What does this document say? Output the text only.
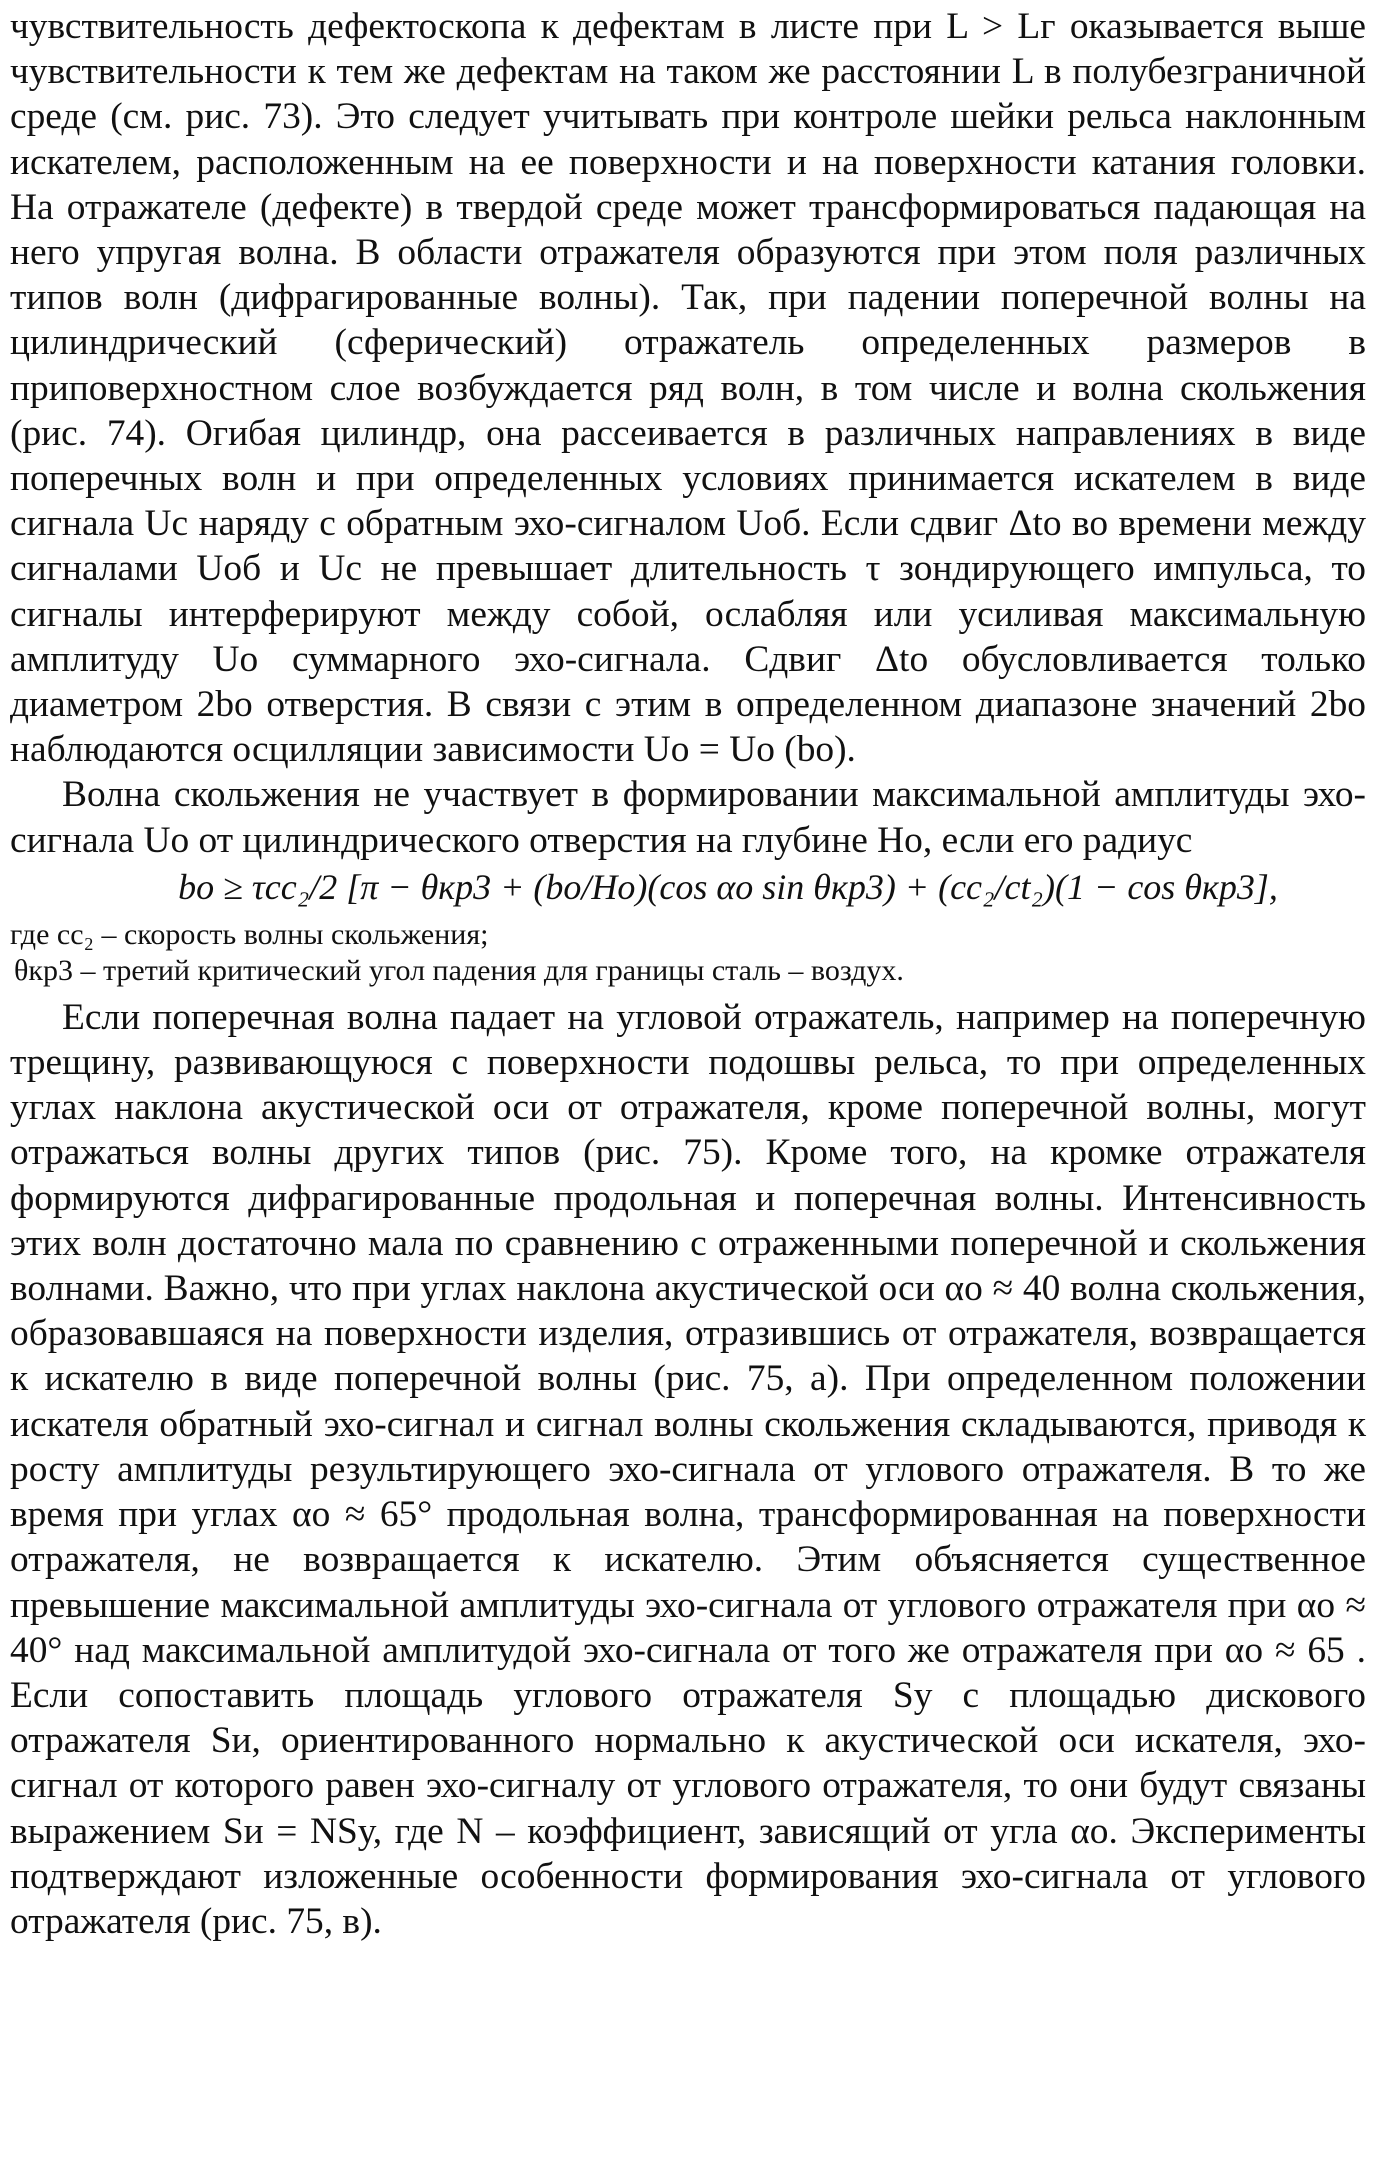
чувствительность дефектоскопа к дефектам в листе при L > Lг оказывается выше чувствительности к тем же дефектам на таком же расстоянии L в полубезграничной среде (см. рис. 73). Это следует учитывать при контроле шейки рельса наклонным искателем, расположенным на ее поверхности и на поверхности катания головки. На отражателе (дефекте) в твердой среде может трансформироваться падающая на него упругая волна. В области отражателя образуются при этом поля различных типов волн (дифрагированные волны). Так, при падении поперечной волны на цилиндрический (сферический) отражатель определенных размеров в приповерхностном слое возбуждается ряд волн, в том числе и волна скольжения (рис. 74). Огибая цилиндр, она рассеивается в различных направлениях в виде поперечных волн и при определенных условиях принимается искателем в виде сигнала Uс наряду с обратным эхо-сигналом Uоб. Если сдвиг Δtо во времени между сигналами Uоб и Uс не превышает длительность τ зондирующего импульса, то сигналы интерферируют между собой, ослабляя или усиливая максимальную амплитуду Uо суммарного эхо-сигнала. Сдвиг Δtо обусловливается только диаметром 2bо отверстия. В связи с этим в определенном диапазоне значений 2bо наблюдаются осцилляции зависимости Uо = Uо (bо).

Волна скольжения не участвует в формировании максимальной амплитуды эхо-сигнала Uо от цилиндрического отверстия на глубине Hо, если его радиус

bо ≥ τcc₂/2 [π − θкр3 + (bо/Hо)(cos αо sin θкр3) + (cc₂/ct₂)(1 − cos θкр3],

где cc₂ – скорость волны скольжения;
θкр3 – третий критический угол падения для границы сталь – воздух.

Если поперечная волна падает на угловой отражатель, например на поперечную трещину, развивающуюся с поверхности подошвы рельса, то при определенных углах наклона акустической оси от отражателя, кроме поперечной волны, могут отражаться волны других типов (рис. 75). Кроме того, на кромке отражателя формируются дифрагированные продольная и поперечная волны. Интенсивность этих волн достаточно мала по сравнению с отраженными поперечной и скольжения волнами. Важно, что при углах наклона акустической оси αо ≈ 40 волна скольжения, образовавшаяся на поверхности изделия, отразившись от отражателя, возвращается к искателю в виде поперечной волны (рис. 75, а). При определенном положении искателя обратный эхо-сигнал и сигнал волны скольжения складываются, приводя к росту амплитуды результирующего эхо-сигнала от углового отражателя. В то же время при углах αо ≈ 65° продольная волна, трансформированная на поверхности отражателя, не возвращается к искателю. Этим объясняется существенное превышение максимальной амплитуды эхо-сигнала от углового отражателя при αо ≈ 40° над максимальной амплитудой эхо-сигнала от того же отражателя при αо ≈ 65 . Если сопоставить площадь углового отражателя Sу с площадью дискового отражателя Sи, ориентированного нормально к акустической оси искателя, эхо-сигнал от которого равен эхо-сигналу от углового отражателя, то они будут связаны выражением Sи = NSу, где N – коэффициент, зависящий от угла αо. Эксперименты подтверждают изложенные особенности формирования эхо-сигнала от углового отражателя (рис. 75, в).
